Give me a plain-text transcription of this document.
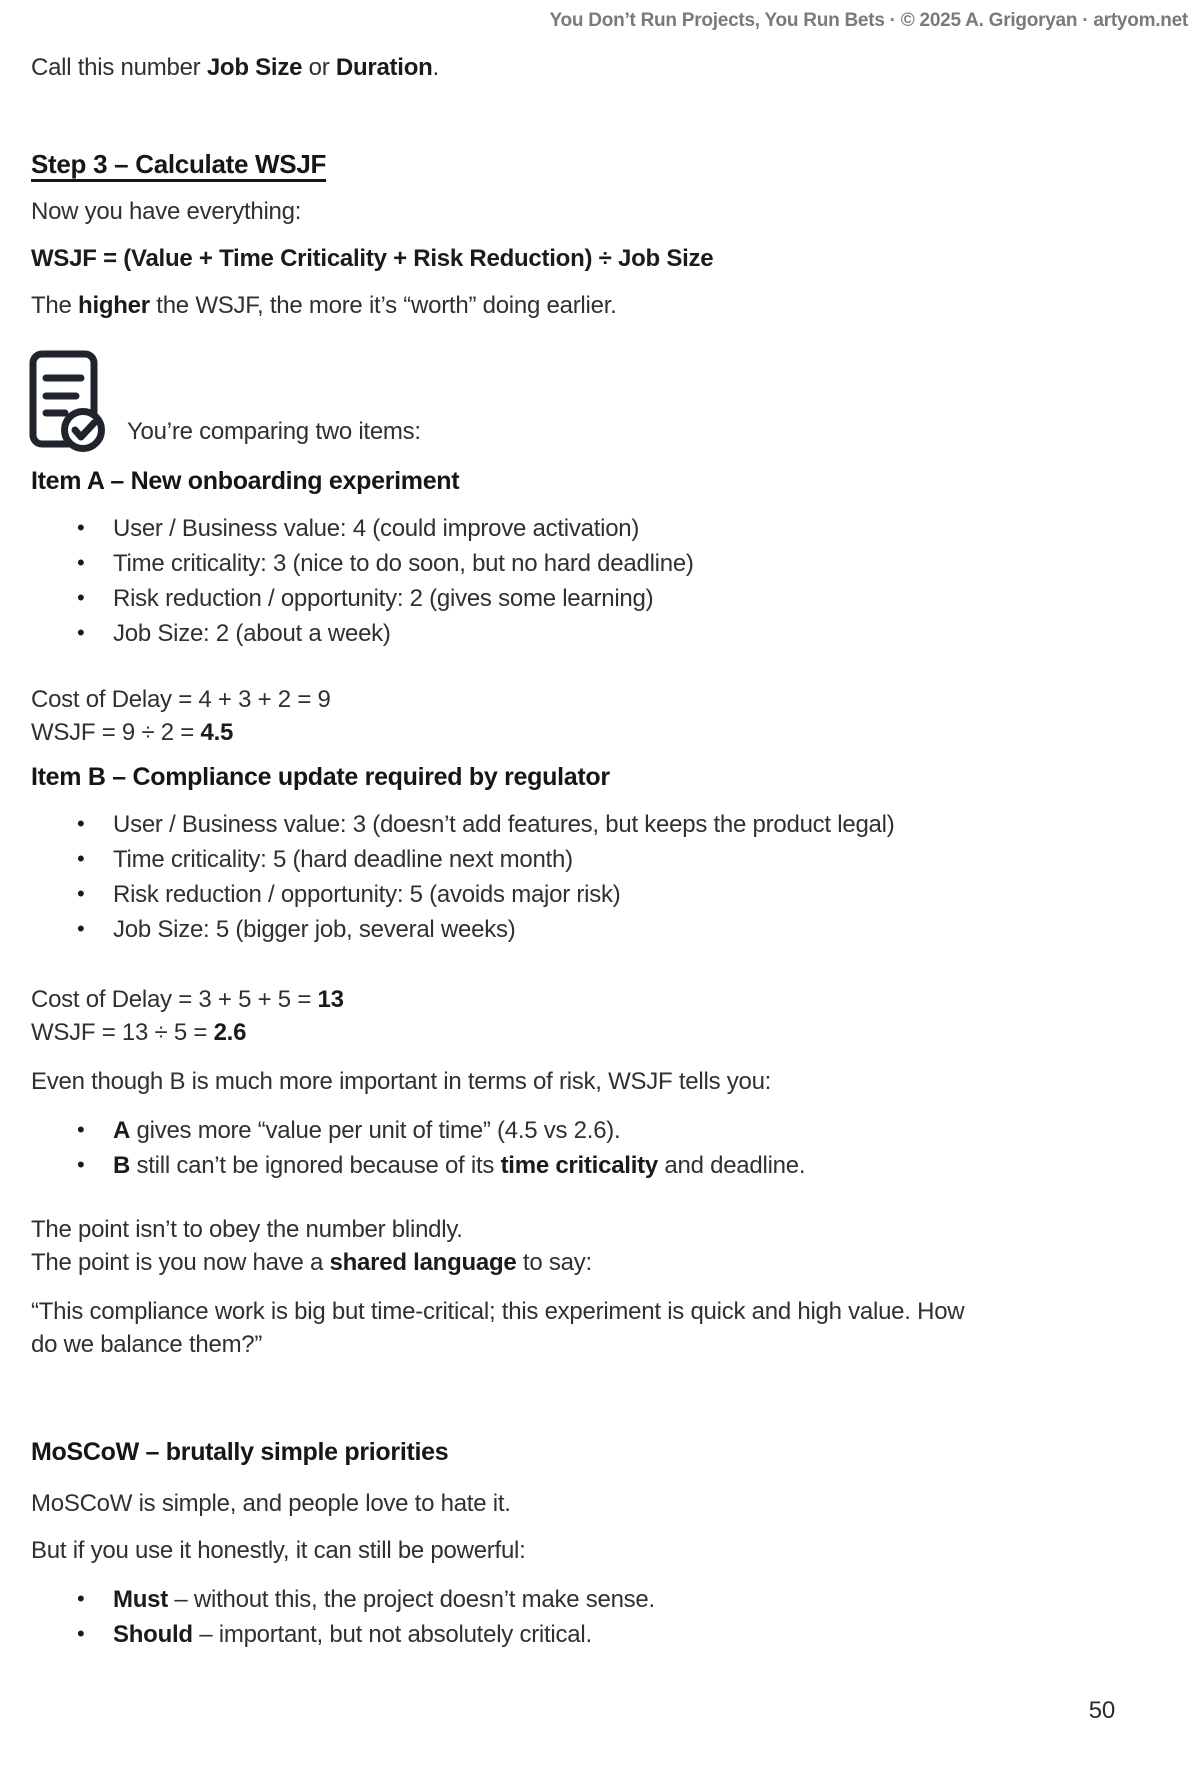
You Don’t Run Projects, You Run Bets · © 2025 A. Grigoryan · artyom.net

Call this number Job Size or Duration.

Step 3 – Calculate WSJF

Now you have everything:

WSJF = (Value + Time Criticality + Risk Reduction) ÷ Job Size

The higher the WSJF, the more it’s “worth” doing earlier.

You’re comparing two items:
Item A – New onboarding experiment
• User / Business value: 4 (could improve activation)
• Time criticality: 3 (nice to do soon, but no hard deadline)
• Risk reduction / opportunity: 2 (gives some learning)
• Job Size: 2 (about a week)

Cost of Delay = 4 + 3 + 2 = 9
WSJF = 9 ÷ 2 = 4.5

Item B – Compliance update required by regulator
• User / Business value: 3 (doesn’t add features, but keeps the product legal)
• Time criticality: 5 (hard deadline next month)
• Risk reduction / opportunity: 5 (avoids major risk)
• Job Size: 5 (bigger job, several weeks)

Cost of Delay = 3 + 5 + 5 = 13
WSJF = 13 ÷ 5 = 2.6

Even though B is much more important in terms of risk, WSJF tells you:

• A gives more “value per unit of time” (4.5 vs 2.6).
• B still can’t be ignored because of its time criticality and deadline.

The point isn’t to obey the number blindly.
The point is you now have a shared language to say:

“This compliance work is big but time-critical; this experiment is quick and high value. How
do we balance them?”

MoSCoW – brutally simple priorities

MoSCoW is simple, and people love to hate it.

But if you use it honestly, it can still be powerful:

• Must – without this, the project doesn’t make sense.
• Should – important, but not absolutely critical.
50
